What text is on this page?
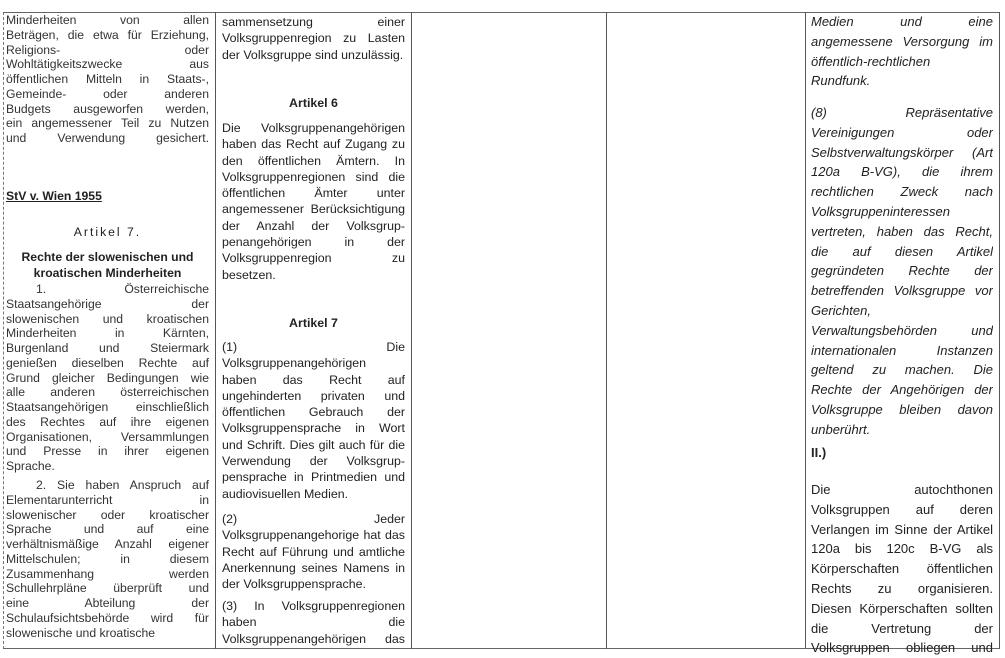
Minderheiten von allen
Beträgen, die etwa für Erziehung,
Religions- oder
Wohltätigkeitszwecke aus
öffentlichen Mitteln in Staats-,
Gemeinde- oder anderen
Budgets ausgeworfen werden,
ein angemessener Teil zu Nutzen
und Verwendung gesichert.
StV v. Wien 1955
Artikel 7.
Rechte der slowenischen und
kroatischen Minderheiten
1. Österreichische
Staatsangehörige der
slowenischen und kroatischen
Minderheiten in Kärnten,
Burgenland und Steiermark
genießen dieselben Rechte auf
Grund gleicher Bedingungen wie
alle anderen österreichischen
Staatsangehörigen einschließlich
des Rechtes auf ihre eigenen
Organisationen, Versammlungen
und Presse in ihrer eigenen
Sprache.
2. Sie haben Anspruch auf
Elementarunterricht in
slowenischer oder kroatischer
Sprache und auf eine
verhältnismäßige Anzahl eigener
Mittelschulen; in diesem
Zusammenhang werden
Schullehrpläne überprüft und
eine Abteilung der
Schulaufsichtsbehörde wird für
slowenische und kroatische
sammensetzung einer
Volksgruppenregion zu Lasten
der Volksgruppe sind unzulässig.
Artikel 6
Die Volksgruppenangehörigen
haben das Recht auf Zugang zu
den öffentlichen Ämtern. In
Volksgruppenregionen sind die
öffentlichen Ämter unter
angemessener Berücksichtigung
der Anzahl der Volksgrup-
penangehörigen in der
Volksgruppenregion zu
besetzen.
Artikel 7
(1) Die
Volksgruppenangehörigen
haben das Recht auf
ungehinderten privaten und
öffentlichen Gebrauch der
Volksgruppensprache in Wort
und Schrift. Dies gilt auch für die
Verwendung der Volksgrup-
pensprache in Printmedien und
audiovisuellen Medien.
(2) Jeder
Volksgruppenangehorige hat das
Recht auf Führung und amtliche
Anerkennung seines Namens in
der Volksgruppensprache.
(3) In Volksgruppenregionen
haben die
Volksgruppenangehörigen das
Medien und eine
angemessene Versorgung im
öffentlich-rechtlichen
Rundfunk.
(8) Repräsentative
Vereinigungen oder
Selbstverwaltungskörper (Art
120a B-VG), die ihrem
rechtlichen Zweck nach
Volksgruppeninteressen
vertreten, haben das Recht,
die auf diesen Artikel
gegründeten Rechte der
betreffenden Volksgruppe vor
Gerichten,
Verwaltungsbehörden und
internationalen Instanzen
geltend zu machen. Die
Rechte der Angehörigen der
Volksgruppe bleiben davon
unberührt.
II.)
Die autochthonen
Volksgruppen auf deren
Verlangen im Sinne der Artikel
120a bis 120c B-VG als
Körperschaften öffentlichen
Rechts zu organisieren.
Diesen Körperschaften sollten
die Vertretung der
Volksgruppen obliegen und
